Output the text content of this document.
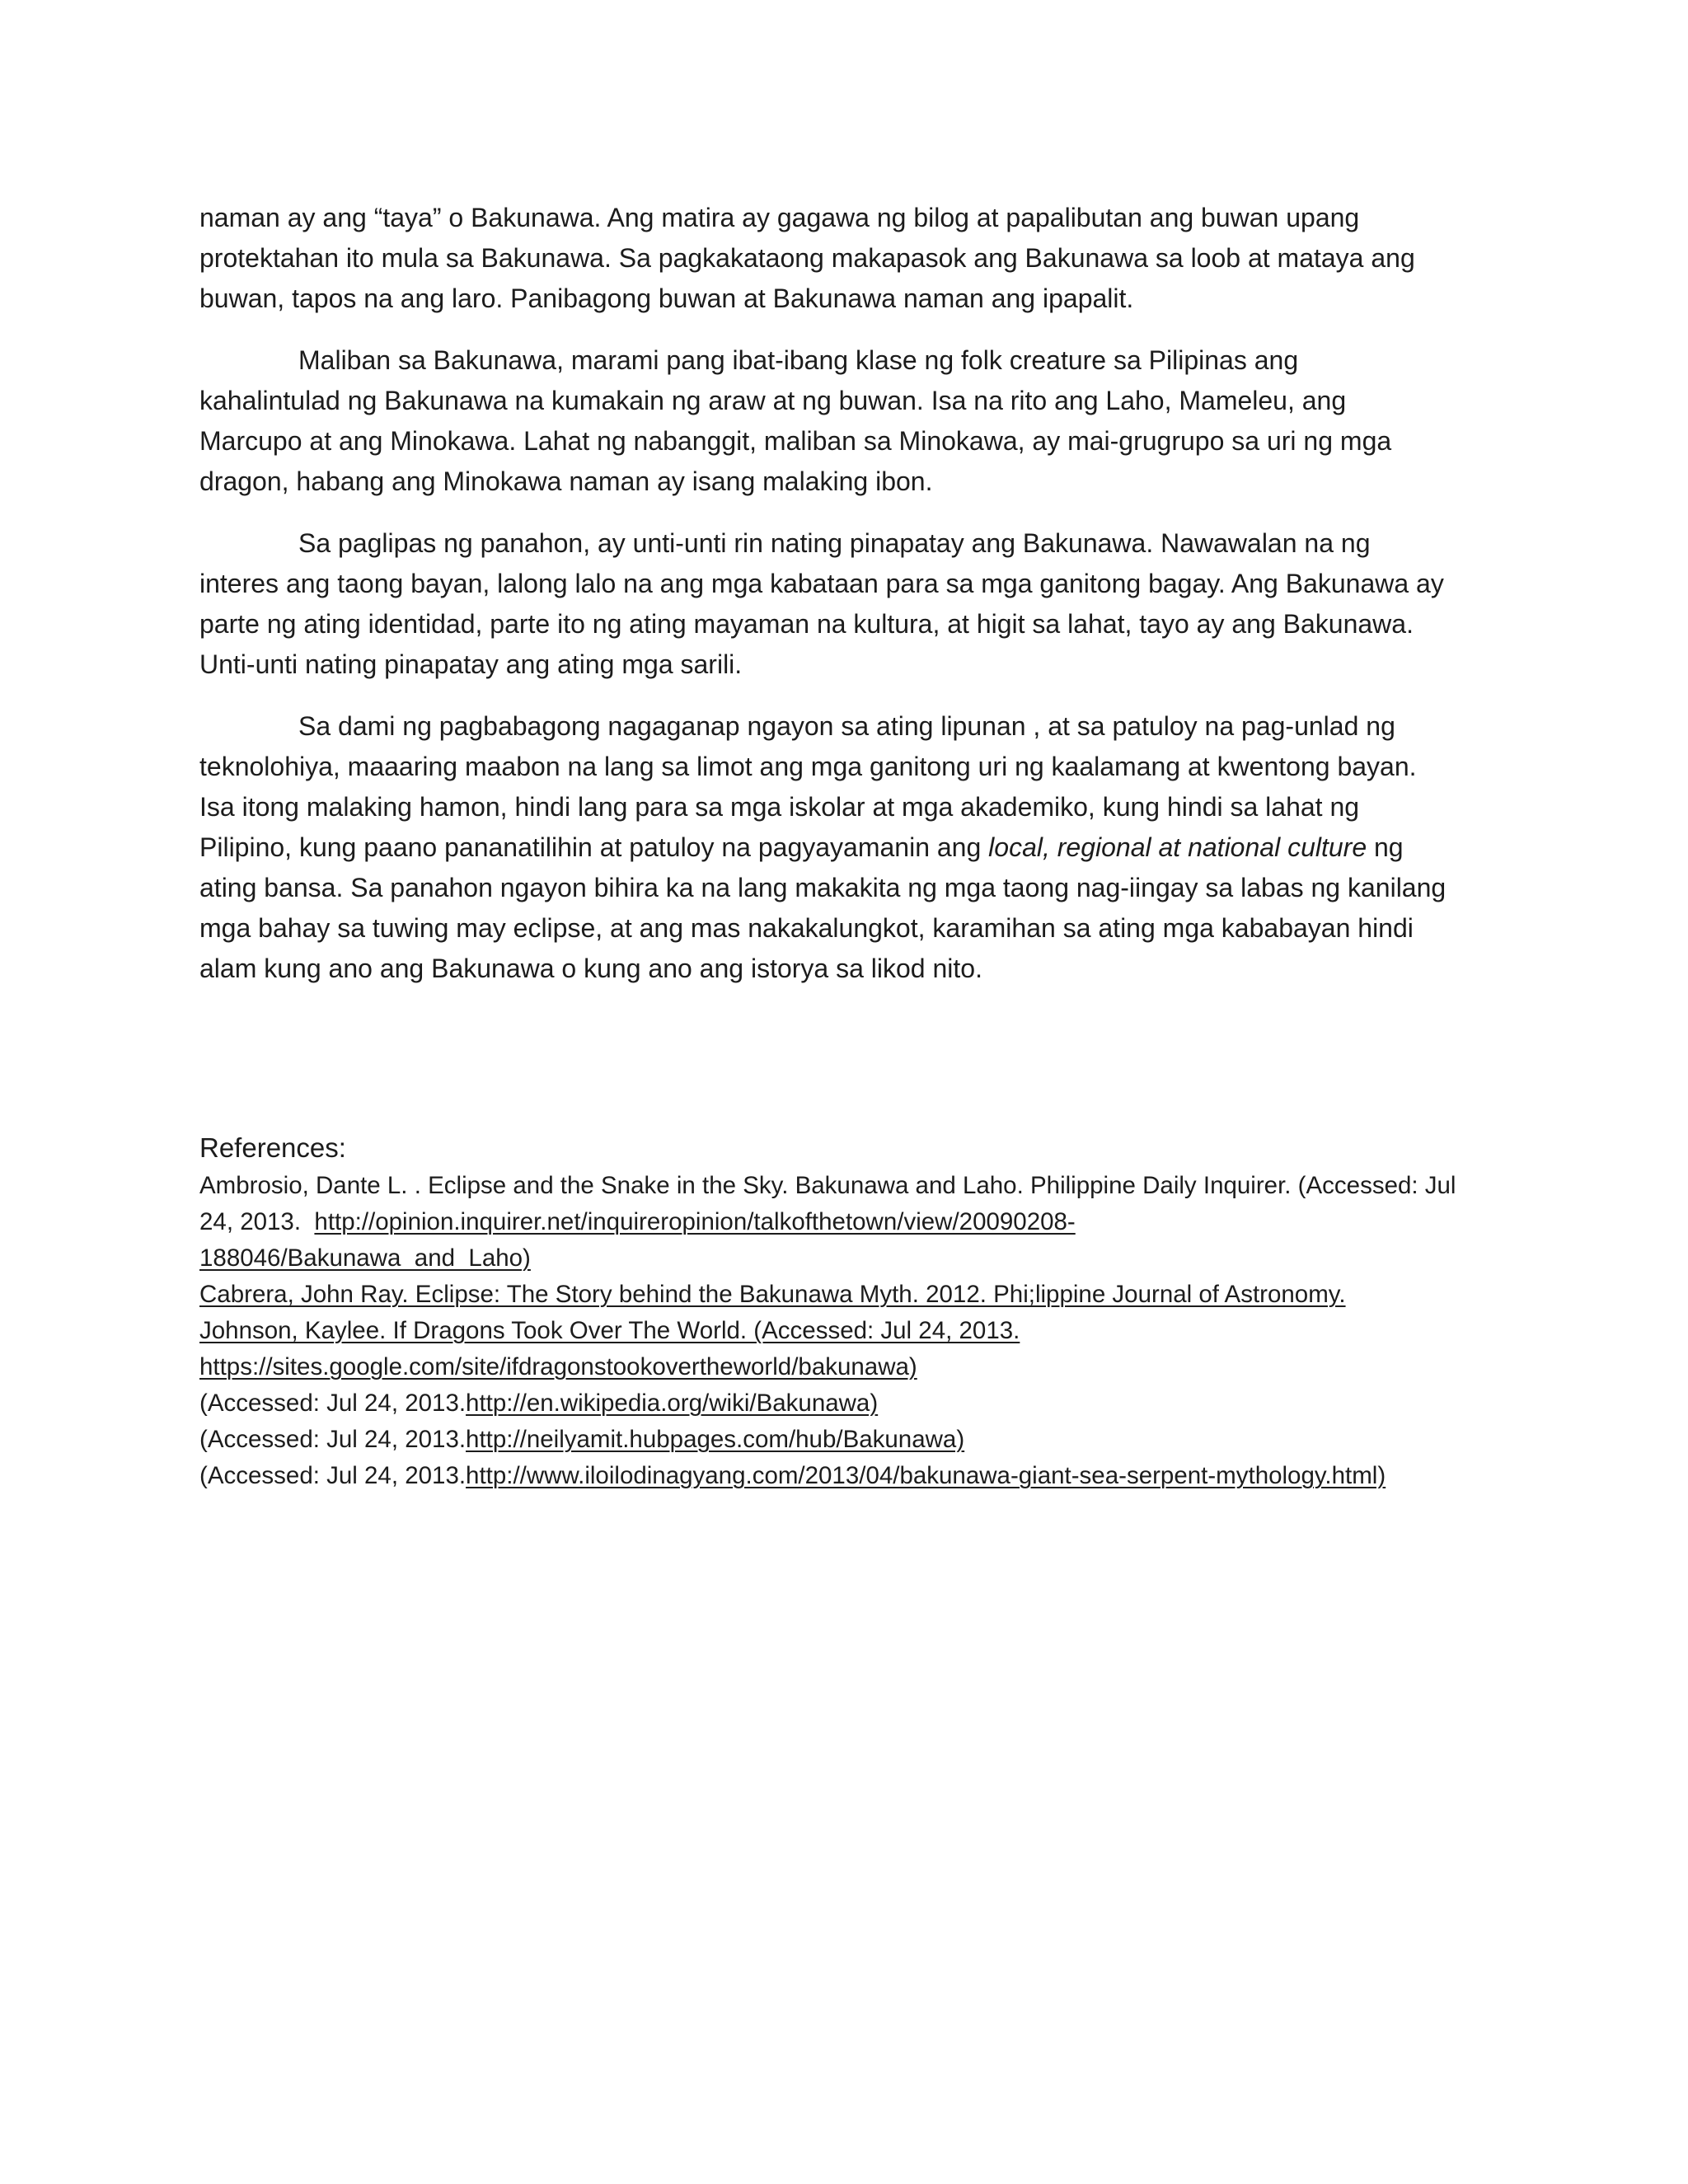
naman ay ang “taya” o Bakunawa. Ang matira ay gagawa ng bilog at papalibutan ang buwan upang
protektahan ito mula sa Bakunawa. Sa pagkakataong makapasok ang Bakunawa sa loob at mataya ang
buwan, tapos na ang laro. Panibagong buwan at Bakunawa naman ang ipapalit.
Maliban sa Bakunawa, marami pang ibat-ibang klase ng folk creature sa Pilipinas ang
kahalintulad ng Bakunawa na kumakain ng araw at ng buwan. Isa na rito ang Laho, Mameleu, ang
Marcupo at ang Minokawa. Lahat ng nabanggit, maliban sa Minokawa, ay mai-grugrupo sa uri ng mga
dragon, habang ang Minokawa naman ay isang malaking ibon.
Sa paglipas ng panahon, ay unti-unti rin nating pinapatay ang Bakunawa. Nawawalan na ng
interes ang taong bayan, lalong lalo na ang mga kabataan para sa mga ganitong bagay. Ang Bakunawa ay
parte ng ating identidad, parte ito ng ating mayaman na kultura, at higit sa lahat, tayo ay ang Bakunawa.
Unti-unti nating pinapatay ang ating mga sarili.
Sa dami ng pagbabagong nagaganap ngayon sa ating lipunan , at sa patuloy na pag-unlad ng
teknolohiya, maaaring maabon na lang sa limot ang mga ganitong uri ng kaalamang at kwentong bayan.
Isa itong malaking hamon, hindi lang para sa mga iskolar at mga akademiko, kung hindi sa lahat ng
Pilipino, kung paano pananatilihin at patuloy na pagyayamanin ang local, regional at national culture ng
ating bansa. Sa panahon ngayon bihira ka na lang makakita ng mga taong nag-iingay sa labas ng kanilang
mga bahay sa tuwing may eclipse, at ang mas nakakalungkot, karamihan sa ating mga kababayan hindi
alam kung ano ang Bakunawa o kung ano ang istorya sa likod nito.
References:
Ambrosio, Dante L. . Eclipse and the Snake in the Sky. Bakunawa and Laho. Philippine Daily Inquirer. (Accessed: Jul
24, 2013.  http://opinion.inquirer.net/inquireropinion/talkofthetown/view/20090208-
188046/Bakunawa_and_Laho)
Cabrera, John Ray. Eclipse: The Story behind the Bakunawa Myth. 2012. Phi;lippine Journal of Astronomy.
Johnson, Kaylee. If Dragons Took Over The World. (Accessed: Jul 24, 2013.
https://sites.google.com/site/ifdragonstookovertheworld/bakunawa)
(Accessed: Jul 24, 2013.http://en.wikipedia.org/wiki/Bakunawa)
(Accessed: Jul 24, 2013.http://neilyamit.hubpages.com/hub/Bakunawa)
(Accessed: Jul 24, 2013.http://www.iloilodinagyang.com/2013/04/bakunawa-giant-sea-serpent-mythology.html)
